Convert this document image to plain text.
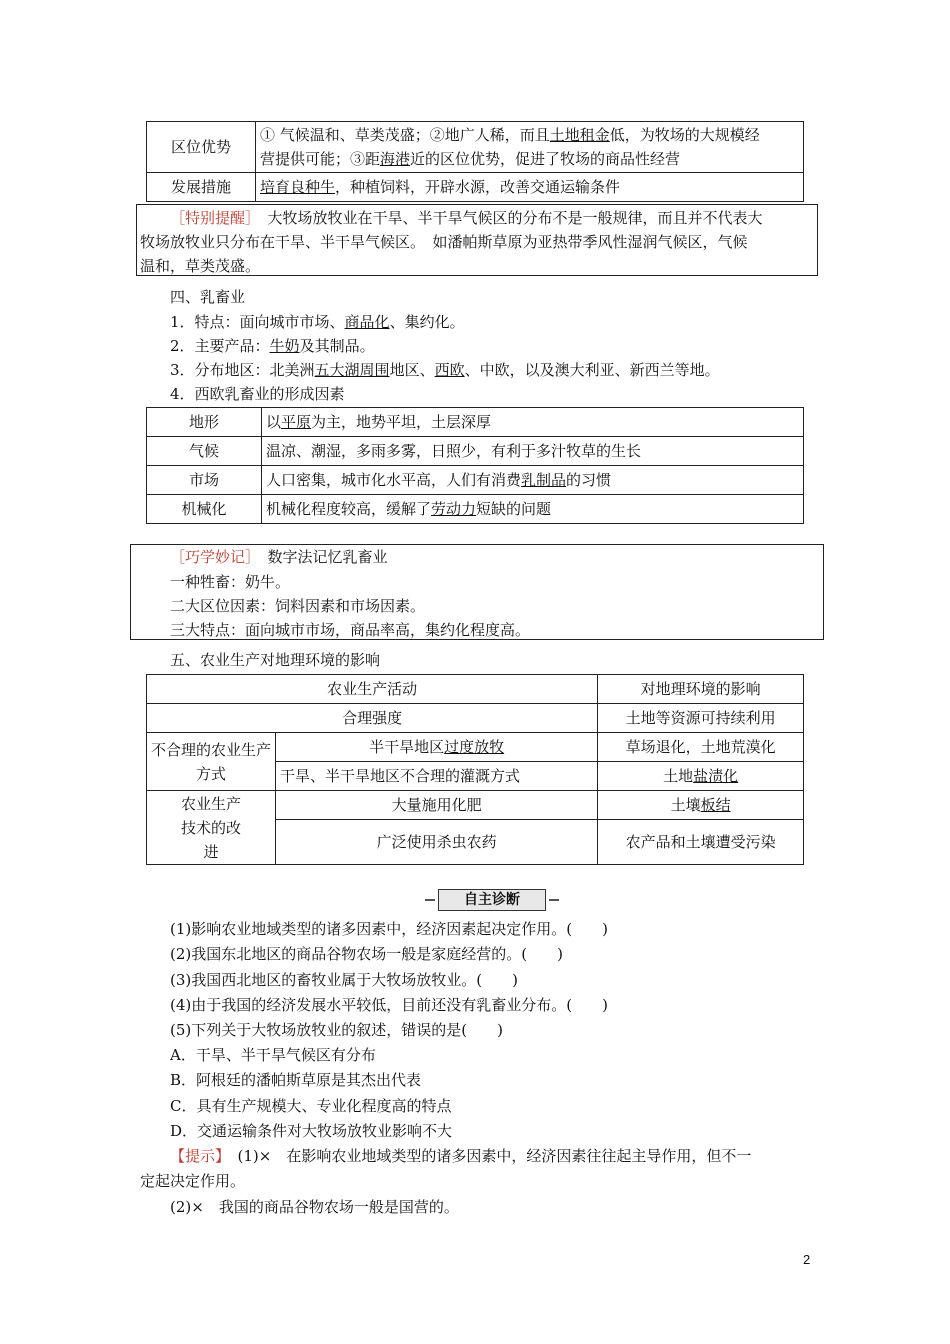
区位优势	① 气候温和、草类茂盛；②地广人稀，而且土地租金低，为牧场的大规模经
营提供可能；③距海港近的区位优势，促进了牧场的商品性经营
发展措施	培育良种牛，种植饲料，开辟水源，改善交通运输条件
［特别提醒］　 大牧场放牧业在干旱、半干旱气候区的分布不是一般规律，而且并不代表大
牧场放牧业只分布在干旱、半干旱气候区。　如潘帕斯草原为亚热带季风性湿润气候区，气候
温和，草类茂盛。
四、乳畜业
1．特点：面向城市市场、商品化、集约化。
2．主要产品：牛奶及其制品。
3．分布地区：北美洲五大湖周围地区、西欧、中欧，以及澳大利亚、新西兰等地。
4．西欧乳畜业的形成因素
地形	以平原为主，地势平坦，土层深厚
气候	温凉、潮湿，多雨多雾，日照少，有利于多汁牧草的生长
市场	人口密集，城市化水平高，人们有消费乳制品的习惯
机械化	机械化程度较高，缓解了劳动力短缺的问题
［巧学妙记］　 数字法记忆乳畜业
一种牲畜：奶牛。
二大区位因素：饲料因素和市场因素。
三大特点：面向城市市场，商品率高，集约化程度高。
五、农业生产对地理环境的影响
农业生产活动		对地理环境的影响
合理强度		土地等资源可持续利用
不合理的农业生产方式	半干旱地区过度放牧	草场退化，土地荒漠化
	干旱、半干旱地区不合理的灌溉方式	土地盐渍化
农业生产技术的改进	大量施用化肥	土壤板结
	广泛使用杀虫农药	农产品和土壤遭受污染
自主诊断
(1)影响农业地域类型的诸多因素中，经济因素起决定作用。(　　)
(2)我国东北地区的商品谷物农场一般是家庭经营的。(　　)
(3)我国西北地区的畜牧业属于大牧场放牧业。(　　)
(4)由于我国的经济发展水平较低，目前还没有乳畜业分布。(　　)
(5)下列关于大牧场放牧业的叙述，错误的是(　　)
A．干旱、半干旱气候区有分布
B．阿根廷的潘帕斯草原是其杰出代表
C．具有生产规模大、专业化程度高的特点
D．交通运输条件对大牧场放牧业影响不大
【提示】　(1)×　在影响农业地域类型的诸多因素中，经济因素往往起主导作用，但不一
定起决定作用。
(2)×　我国的商品谷物农场一般是国营的。
2
